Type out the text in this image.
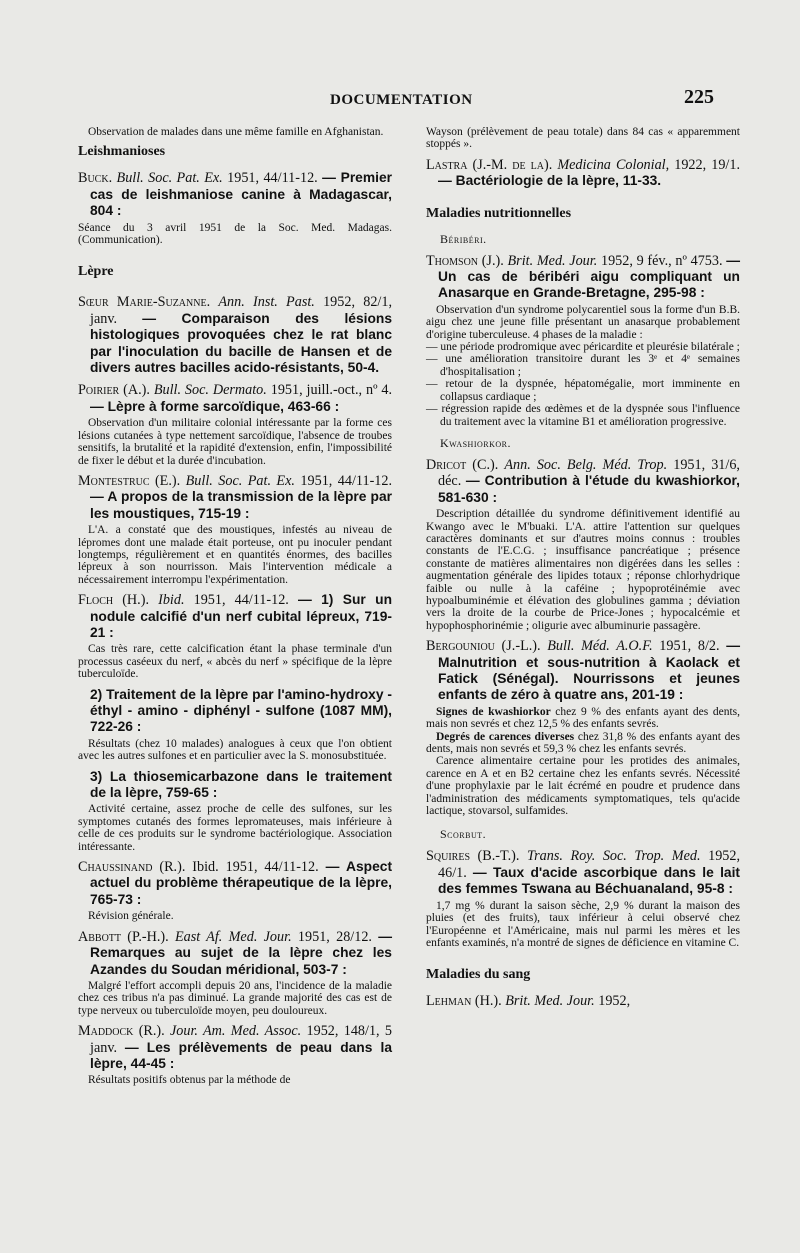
DOCUMENTATION	225

Observation de malades dans une même famille en Afghanistan.

Leishmanioses
Buck. Bull. Soc. Pat. Ex. 1951, 44/11-12. — Premier cas de leishmaniose canine à Madagascar, 804 :

Séance du 3 avril 1951 de la Soc. Med. Madagas. (Communication).

Lèpre
Sœur Marie-Suzanne. Ann. Inst. Past. 1952, 82/1, janv. — Comparaison des lésions histologiques provoquées chez le rat blanc par l'inoculation du bacille de Hansen et de divers autres bacilles acido-résistants, 50-4.
Poirier (A.). Bull. Soc. Dermato. 1951, juill.-oct., nº 4. — Lèpre à forme sarcoïdique, 463-66 :

Observation d'un militaire colonial intéressante par la forme ces lésions cutanées à type nettement sarcoïdique, l'absence de troubes sensitifs, la brutalité et la rapidité d'extension, enfin, l'impossibilité de fixer le début et la durée d'incubation.

Montestruc (E.). Bull. Soc. Pat. Ex. 1951, 44/11-12. — A propos de la transmission de la lèpre par les moustiques, 715-19 :

L'A. a constaté que des moustiques, infestés au niveau de lépromes dont une malade était porteuse, ont pu inoculer pendant longtemps, régulièrement et en quantités énormes, des bacilles lépreux à son nourrisson. Mais l'intervention médicale a nécessairement interrompu l'expérimentation.

Floch (H.). Ibid. 1951, 44/11-12. — 1) Sur un nodule calcifié d'un nerf cubital lépreux, 719-21 :

Cas très rare, cette calcification étant la phase terminale d'un processus caséeux du nerf, « abcès du nerf » spécifique de la lèpre tuberculoïde.

2) Traitement de la lèpre par l'amino-hydroxy - éthyl - amino - diphényl - sulfone (1087 MM), 722-26 :

Résultats (chez 10 malades) analogues à ceux que l'on obtient avec les autres sulfones et en particulier avec la S. monosubstituée.

3) La thiosemicarbazone dans le traitement de la lèpre, 759-65 :

Activité certaine, assez proche de celle des sulfones, sur les symptomes cutanés des formes lepromateuses, mais inférieure à celle de ces produits sur le syndrome bactériologique. Association intéressante.

Chaussinand (R.). Ibid. 1951, 44/11-12. — Aspect actuel du problème thérapeutique de la lèpre, 765-73 :

Révision générale.

Abbott (P.-H.). East Af. Med. Jour. 1951, 28/12. — Remarques au sujet de la lèpre chez les Azandes du Soudan méridional, 503-7 :

Malgré l'effort accompli depuis 20 ans, l'incidence de la maladie chez ces tribus n'a pas diminué. La grande majorité des cas est de type nerveux ou tuberculoïde moyen, peu douloureux.

Maddock (R.). Jour. Am. Med. Assoc. 1952, 148/1, 5 janv. — Les prélèvements de peau dans la lèpre, 44-45 :

Résultats positifs obtenus par la méthode de

Wayson (prélèvement de peau totale) dans 84 cas « apparemment stoppés ».

Lastra (J.-M. de la). Medicina Colonial, 1922, 19/1. — Bactériologie de la lèpre, 11-33.
Maladies nutritionnelles
Béribéri.
Thomson (J.). Brit. Med. Jour. 1952, 9 fév., nº 4753. — Un cas de béribéri aigu compliquant un Anasarque en Grande-Bretagne, 295-98 :

Observation d'un syndrome polycarentiel sous la forme d'un B.B. aigu chez une jeune fille présentant un anasarque probablement d'origine tuberculeuse. 4 phases de la maladie :

— une période prodromique avec péricardite et pleurésie bilatérale ;

— une amélioration transitoire durant les 3ᵉ et 4ᵉ semaines d'hospitalisation ;

— retour de la dyspnée, hépatomégalie, mort imminente en collapsus cardiaque ;

— régression rapide des œdèmes et de la dyspnée sous l'influence du traitement avec la vitamine B1 et amélioration progressive.

Kwashiorkor.
Dricot (C.). Ann. Soc. Belg. Méd. Trop. 1951, 31/6, déc. — Contribution à l'étude du kwashiorkor, 581-630 :

Description détaillée du syndrome définitivement identifié au Kwango avec le M'buaki. L'A. attire l'attention sur quelques caractères dominants et sur d'autres moins connus : troubles constants de l'E.C.G. ; insuffisance pancréatique ; présence constante de matières alimentaires non digérées dans les selles : augmentation générale des lipides totaux ; réponse chlorhydrique faible ou nulle à la caféine ; hypoprotéinémie avec hypoalbuminémie et élévation des globulines gamma ; déviation vers la droite de la courbe de Price-Jones ; hypocalcémie et hypophosphorinémie ; oligurie avec albuminurie passagère.

Bergouniou (J.-L.). Bull. Méd. A.O.F. 1951, 8/2. — Malnutrition et sous-nutrition à Kaolack et Fatick (Sénégal). Nourrissons et jeunes enfants de zéro à quatre ans, 201-19 :

Signes de kwashiorkor chez 9 % des enfants ayant des dents, mais non sevrés et chez 12,5 % des enfants sevrés.

Degrés de carences diverses chez 31,8 % des enfants ayant des dents, mais non sevrés et 59,3 % chez les enfants sevrés.

Carence alimentaire certaine pour les protides des animales, carence en A et en B2 certaine chez les enfants sevrés. Nécessité d'une prophylaxie par le lait écrémé en poudre et prudence dans l'administration des médicaments symptomatiques, tels qu'acide lactique, stovarsol, sulfamides.

Scorbut.
Squires (B.-T.). Trans. Roy. Soc. Trop. Med. 1952, 46/1. — Taux d'acide ascorbique dans le lait des femmes Tswana au Béchuanaland, 95-8 :

1,7 mg % durant la saison sèche, 2,9 % durant la maison des pluies (et des fruits), taux inférieur à celui observé chez l'Européenne et l'Américaine, mais nul parmi les mères et les enfants examinés, n'a montré de signes de déficience en vitamine C.

Maladies du sang
Lehman (H.). Brit. Med. Jour. 1952,
